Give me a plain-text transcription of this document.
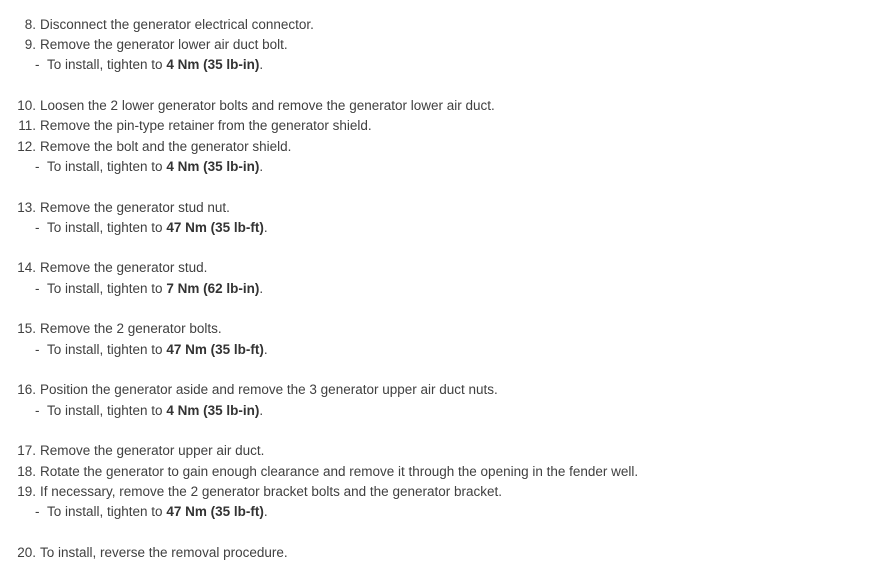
8. Disconnect the generator electrical connector.
9. Remove the generator lower air duct bolt.
- To install, tighten to 4 Nm (35 lb-in).
10. Loosen the 2 lower generator bolts and remove the generator lower air duct.
11. Remove the pin-type retainer from the generator shield.
12. Remove the bolt and the generator shield.
- To install, tighten to 4 Nm (35 lb-in).
13. Remove the generator stud nut.
- To install, tighten to 47 Nm (35 lb-ft).
14. Remove the generator stud.
- To install, tighten to 7 Nm (62 lb-in).
15. Remove the 2 generator bolts.
- To install, tighten to 47 Nm (35 lb-ft).
16. Position the generator aside and remove the 3 generator upper air duct nuts.
- To install, tighten to 4 Nm (35 lb-in).
17. Remove the generator upper air duct.
18. Rotate the generator to gain enough clearance and remove it through the opening in the fender well.
19. If necessary, remove the 2 generator bracket bolts and the generator bracket.
- To install, tighten to 47 Nm (35 lb-ft).
20. To install, reverse the removal procedure.
